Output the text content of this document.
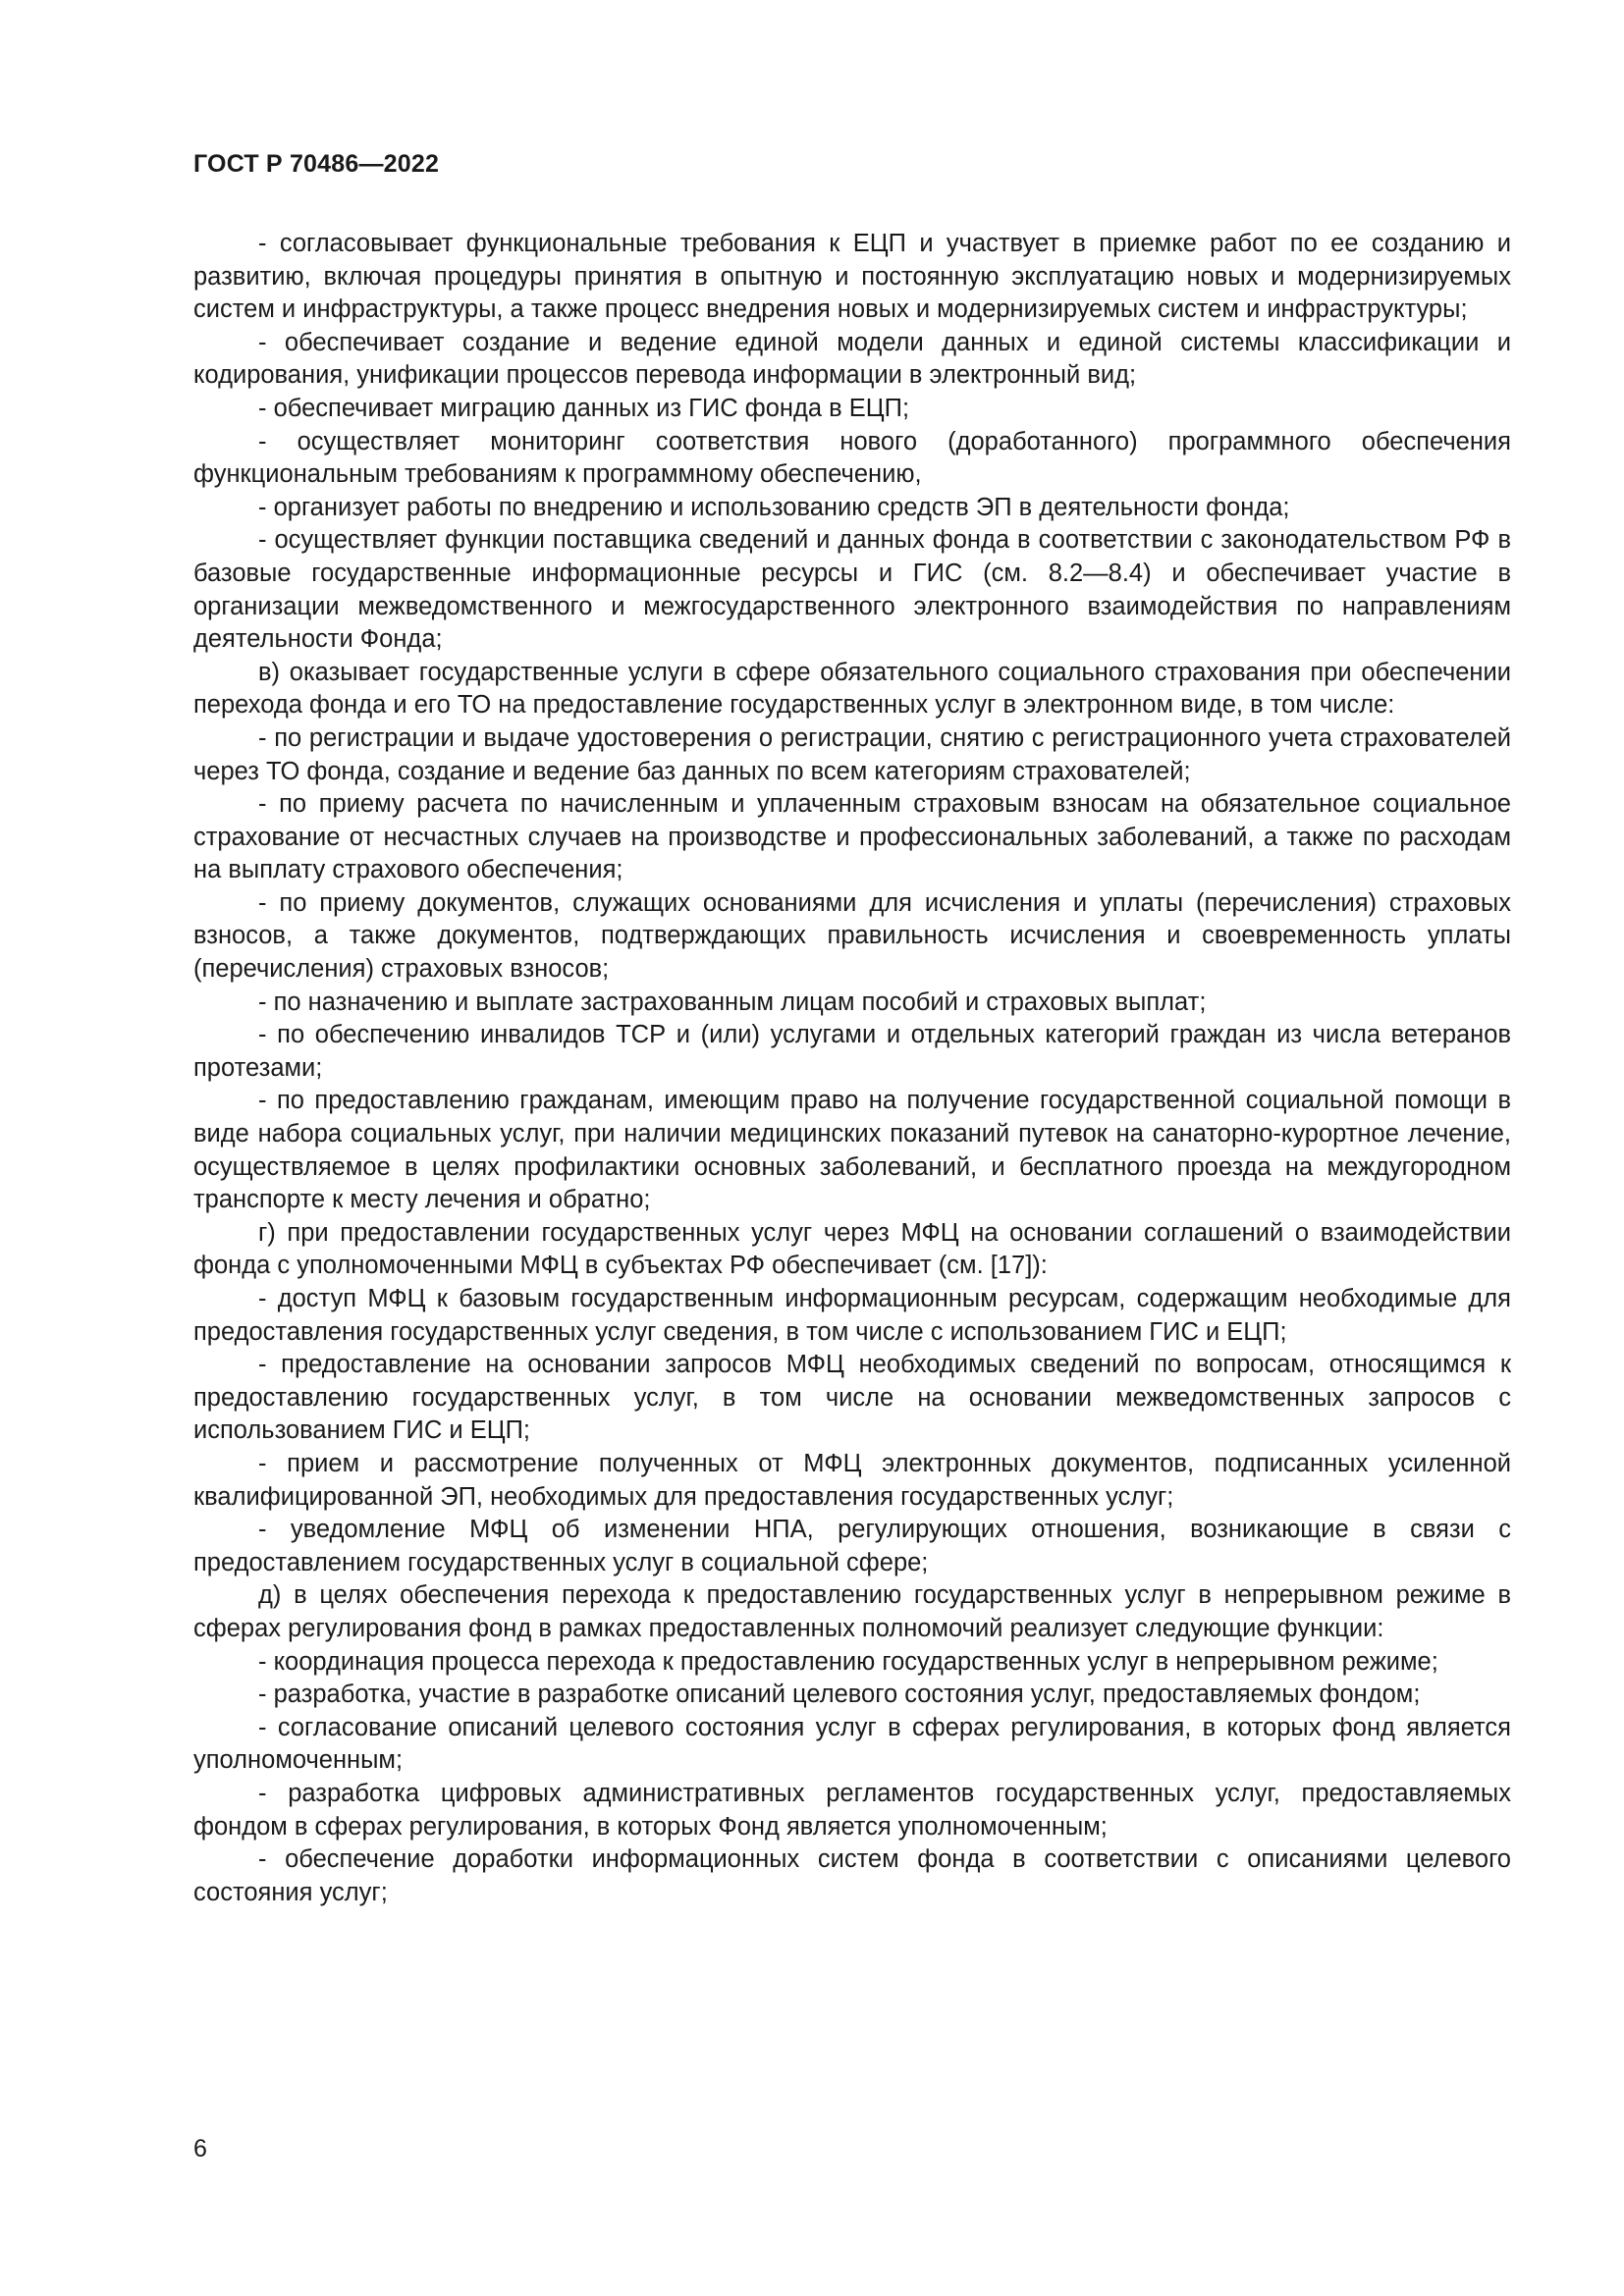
ГОСТ Р 70486—2022

- согласовывает функциональные требования к ЕЦП и участвует в приемке работ по ее созданию и развитию, включая процедуры принятия в опытную и постоянную эксплуатацию новых и модернизируемых систем и инфраструктуры, а также процесс внедрения новых и модернизируемых систем и инфраструктуры;

- обеспечивает создание и ведение единой модели данных и единой системы классификации и кодирования, унификации процессов перевода информации в электронный вид;

- обеспечивает миграцию данных из ГИС фонда в ЕЦП;

- осуществляет мониторинг соответствия нового (доработанного) программного обеспечения функциональным требованиям к программному обеспечению,

- организует работы по внедрению и использованию средств ЭП в деятельности фонда;

- осуществляет функции поставщика сведений и данных фонда в соответствии с законодательством РФ в базовые государственные информационные ресурсы и ГИС (см. 8.2—8.4) и обеспечивает участие в организации межведомственного и межгосударственного электронного взаимодействия по направлениям деятельности Фонда;

в) оказывает государственные услуги в сфере обязательного социального страхования при обеспечении перехода фонда и его ТО на предоставление государственных услуг в электронном виде, в том числе:

- по регистрации и выдаче удостоверения о регистрации, снятию с регистрационного учета страхователей через ТО фонда, создание и ведение баз данных по всем категориям страхователей;

- по приему расчета по начисленным и уплаченным страховым взносам на обязательное социальное страхование от несчастных случаев на производстве и профессиональных заболеваний, а также по расходам на выплату страхового обеспечения;

- по приему документов, служащих основаниями для исчисления и уплаты (перечисления) страховых взносов, а также документов, подтверждающих правильность исчисления и своевременность уплаты (перечисления) страховых взносов;

- по назначению и выплате застрахованным лицам пособий и страховых выплат;

- по обеспечению инвалидов ТСР и (или) услугами и отдельных категорий граждан из числа ветеранов протезами;

- по предоставлению гражданам, имеющим право на получение государственной социальной помощи в виде набора социальных услуг, при наличии медицинских показаний путевок на санаторно-курортное лечение, осуществляемое в целях профилактики основных заболеваний, и бесплатного проезда на междугородном транспорте к месту лечения и обратно;

г) при предоставлении государственных услуг через МФЦ на основании соглашений о взаимодействии фонда с уполномоченными МФЦ в субъектах РФ обеспечивает (см. [17]):

- доступ МФЦ к базовым государственным информационным ресурсам, содержащим необходимые для предоставления государственных услуг сведения, в том числе с использованием ГИС и ЕЦП;

- предоставление на основании запросов МФЦ необходимых сведений по вопросам, относящимся к предоставлению государственных услуг, в том числе на основании межведомственных запросов с использованием ГИС и ЕЦП;

- прием и рассмотрение полученных от МФЦ электронных документов, подписанных усиленной квалифицированной ЭП, необходимых для предоставления государственных услуг;

- уведомление МФЦ об изменении НПА, регулирующих отношения, возникающие в связи с предоставлением государственных услуг в социальной сфере;

д) в целях обеспечения перехода к предоставлению государственных услуг в непрерывном режиме в сферах регулирования фонд в рамках предоставленных полномочий реализует следующие функции:

- координация процесса перехода к предоставлению государственных услуг в непрерывном режиме;

- разработка, участие в разработке описаний целевого состояния услуг, предоставляемых фондом;

- согласование описаний целевого состояния услуг в сферах регулирования, в которых фонд является уполномоченным;

- разработка цифровых административных регламентов государственных услуг, предоставляемых фондом в сферах регулирования, в которых Фонд является уполномоченным;

- обеспечение доработки информационных систем фонда в соответствии с описаниями целевого состояния услуг;

6
